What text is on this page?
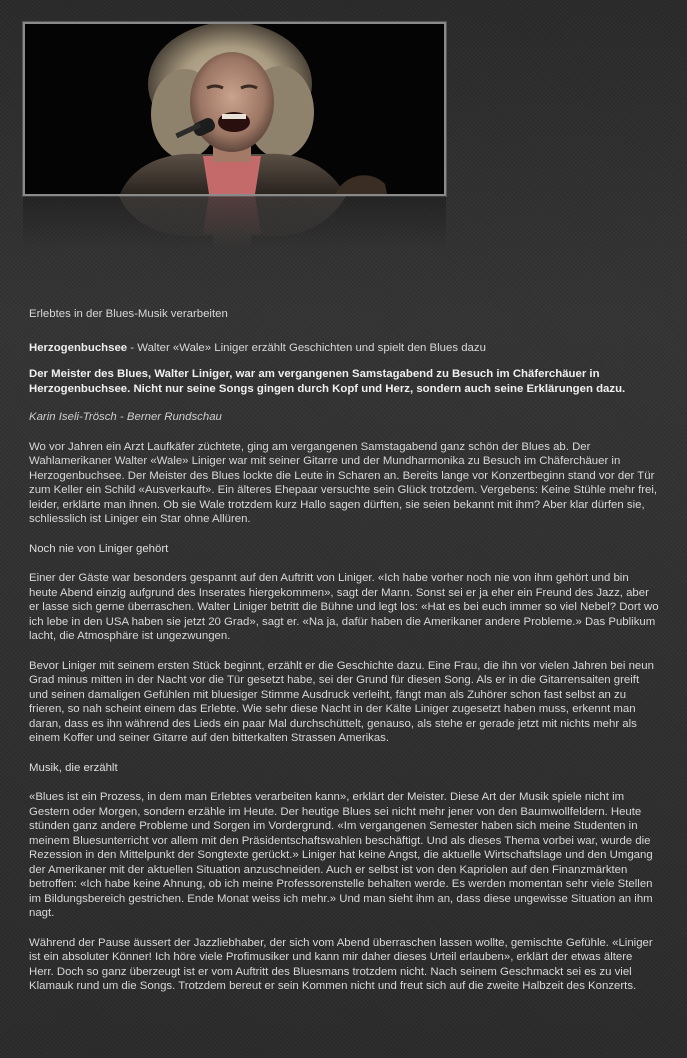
Erlebtes in der Blues-Musik verarbeiten

Herzogenbuchsee - Walter «Wale» Liniger erzählt Geschichten und spielt den Blues dazu

Der Meister des Blues, Walter Liniger, war am vergangenen Samstagabend zu Besuch im Chäferchäuer in Herzogenbuchsee. Nicht nur seine Songs gingen durch Kopf und Herz, sondern auch seine Erklärungen dazu.

Karin Iseli-Trösch - Berner Rundschau

Wo vor Jahren ein Arzt Laufkäfer züchtete, ging am vergangenen Samstagabend ganz schön der Blues ab. Der Wahlamerikaner Walter «Wale» Liniger war mit seiner Gitarre und der Mundharmonika zu Besuch im Chäferchäuer in Herzogenbuchsee. Der Meister des Blues lockte die Leute in Scharen an. Bereits lange vor Konzertbeginn stand vor der Tür zum Keller ein Schild «Ausverkauft». Ein älteres Ehepaar versuchte sein Glück trotzdem. Vergebens: Keine Stühle mehr frei, leider, erklärte man ihnen. Ob sie Wale trotzdem kurz Hallo sagen dürften, sie seien bekannt mit ihm? Aber klar dürfen sie, schliesslich ist Liniger ein Star ohne Allüren.

Noch nie von Liniger gehört

Einer der Gäste war besonders gespannt auf den Auftritt von Liniger. «Ich habe vorher noch nie von ihm gehört und bin heute Abend einzig aufgrund des Inserates hiergekommen», sagt der Mann. Sonst sei er ja eher ein Freund des Jazz, aber er lasse sich gerne überraschen. Walter Liniger betritt die Bühne und legt los: «Hat es bei euch immer so viel Nebel? Dort wo ich lebe in den USA haben sie jetzt 20 Grad», sagt er. «Na ja, dafür haben die Amerikaner andere Probleme.» Das Publikum lacht, die Atmosphäre ist ungezwungen.

Bevor Liniger mit seinem ersten Stück beginnt, erzählt er die Geschichte dazu. Eine Frau, die ihn vor vielen Jahren bei neun Grad minus mitten in der Nacht vor die Tür gesetzt habe, sei der Grund für diesen Song. Als er in die Gitarrensaiten greift und seinen damaligen Gefühlen mit bluesiger Stimme Ausdruck verleiht, fängt man als Zuhörer schon fast selbst an zu frieren, so nah scheint einem das Erlebte. Wie sehr diese Nacht in der Kälte Liniger zugesetzt haben muss, erkennt man daran, dass es ihn während des Lieds ein paar Mal durchschüttelt, genauso, als stehe er gerade jetzt mit nichts mehr als einem Koffer und seiner Gitarre auf den bitterkalten Strassen Amerikas.

Musik, die erzählt

«Blues ist ein Prozess, in dem man Erlebtes verarbeiten kann», erklärt der Meister. Diese Art der Musik spiele nicht im Gestern oder Morgen, sondern erzähle im Heute. Der heutige Blues sei nicht mehr jener von den Baumwollfeldern. Heute stünden ganz andere Probleme und Sorgen im Vordergrund. «Im vergangenen Semester haben sich meine Studenten in meinem Bluesunterricht vor allem mit den Präsidentschaftswahlen beschäftigt. Und als dieses Thema vorbei war, wurde die Rezession in den Mittelpunkt der Songtexte gerückt.» Liniger hat keine Angst, die aktuelle Wirtschaftslage und den Umgang der Amerikaner mit der aktuellen Situation anzuschneiden. Auch er selbst ist von den Kapriolen auf den Finanzmärkten betroffen: «Ich habe keine Ahnung, ob ich meine Professorenstelle behalten werde. Es werden momentan sehr viele Stellen im Bildungsbereich gestrichen. Ende Monat weiss ich mehr.» Und man sieht ihm an, dass diese ungewisse Situation an ihm nagt.

Während der Pause äussert der Jazzliebhaber, der sich vom Abend überraschen lassen wollte, gemischte Gefühle. «Liniger ist ein absoluter Könner! Ich höre viele Profimusiker und kann mir daher dieses Urteil erlauben», erklärt der etwas ältere Herr. Doch so ganz überzeugt ist er vom Auftritt des Bluesmans trotzdem nicht. Nach seinem Geschmackt sei es zu viel Klamauk rund um die Songs. Trotzdem bereut er sein Kommen nicht und freut sich auf die zweite Halbzeit des Konzerts.
